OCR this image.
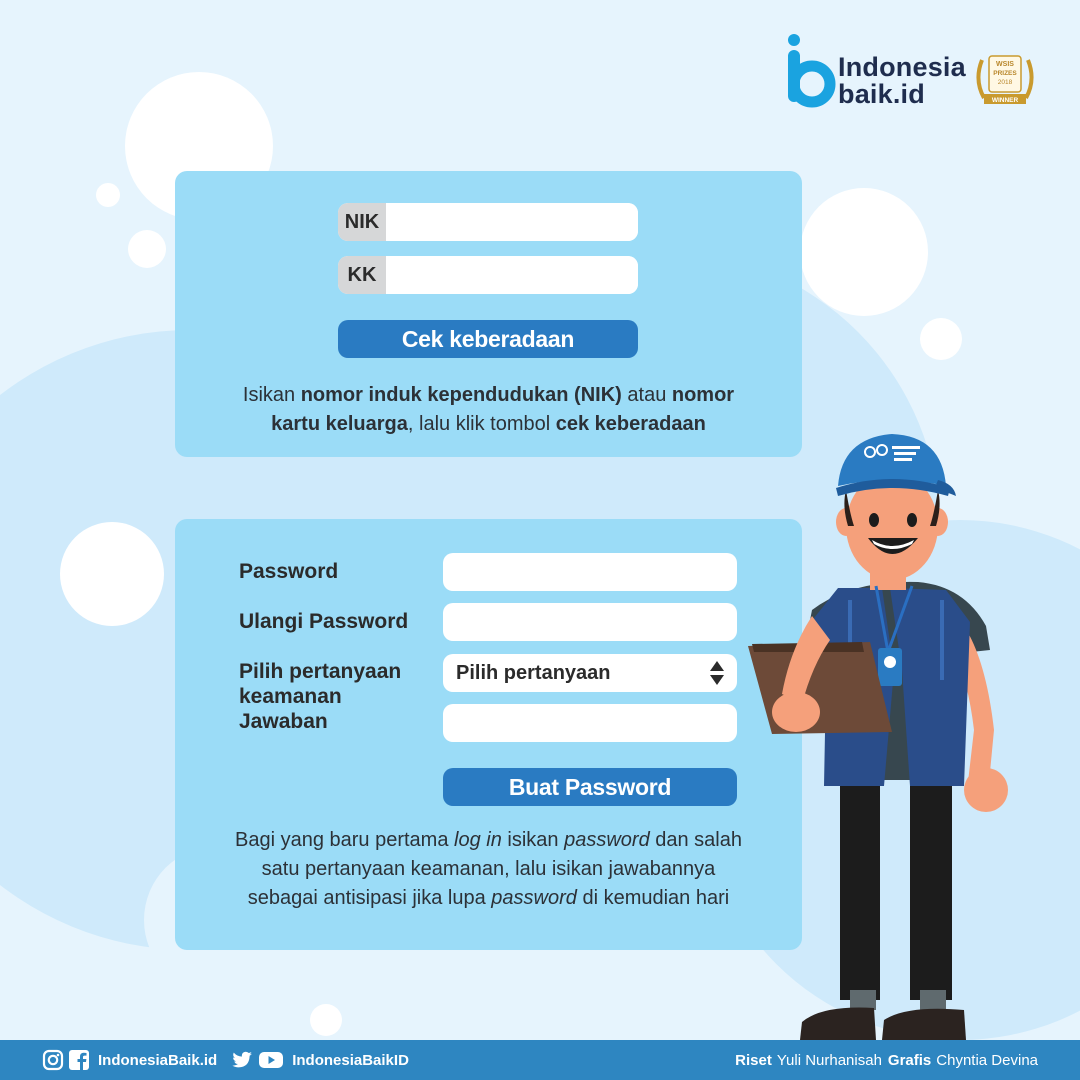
Indonesia
baik.id
WSIS
PRIZES
2018
WINNER
NIK
KK
Cek keberadaan
Isikan nomor induk kependudukan (NIK) atau nomor
kartu keluarga, lalu klik tombol cek keberadaan
Password
Ulangi Password
Pilih pertanyaan
keamanan
Jawaban
Pilih pertanyaan
Buat Password
Bagi yang baru pertama log in isikan password dan salah
satu pertanyaan keamanan, lalu isikan jawabannya
sebagai antisipasi jika lupa password di kemudian hari
IndonesiaBaik.id	IndonesiaBaikID	Riset Yuli Nurhanisah Grafis Chyntia Devina
